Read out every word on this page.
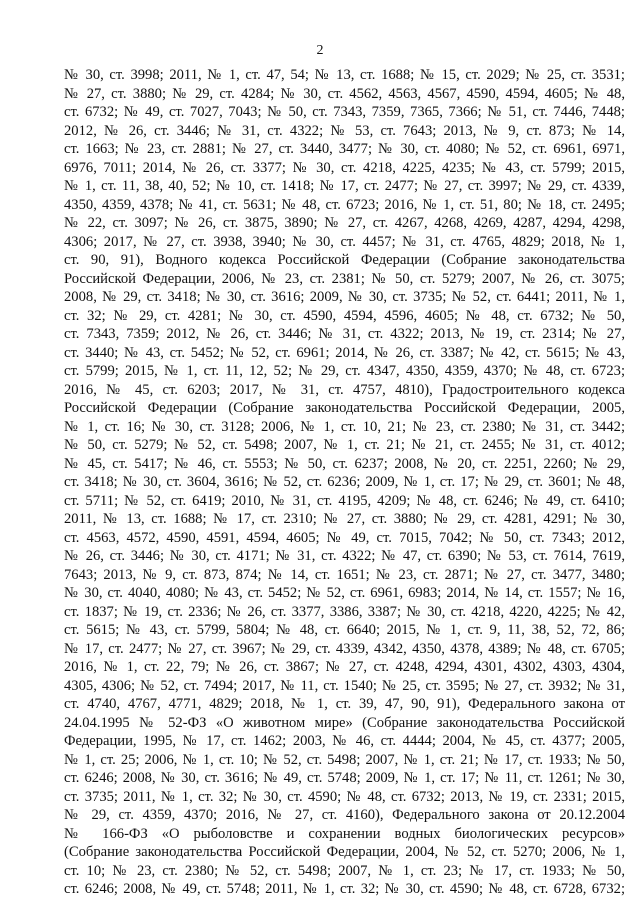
2
№ 30, ст. 3998; 2011, № 1, ст. 47, 54; № 13, ст. 1688; № 15, ст. 2029; № 25, ст. 3531;
№ 27, ст. 3880; № 29, ст. 4284; № 30, ст. 4562, 4563, 4567, 4590, 4594, 4605; № 48,
ст. 6732; № 49, ст. 7027, 7043; № 50, ст. 7343, 7359, 7365, 7366; № 51, ст. 7446, 7448;
2012, № 26, ст. 3446; № 31, ст. 4322; № 53, ст. 7643; 2013, № 9, ст. 873; № 14,
ст. 1663; № 23, ст. 2881; № 27, ст. 3440, 3477; № 30, ст. 4080; № 52, ст. 6961, 6971,
6976, 7011; 2014, № 26, ст. 3377; № 30, ст. 4218, 4225, 4235; № 43, ст. 5799; 2015,
№ 1, ст. 11, 38, 40, 52; № 10, ст. 1418; № 17, ст. 2477; № 27, ст. 3997; № 29, ст. 4339,
4350, 4359, 4378; № 41, ст. 5631; № 48, ст. 6723; 2016, № 1, ст. 51, 80; № 18, ст. 2495;
№ 22, ст. 3097; № 26, ст. 3875, 3890; № 27, ст. 4267, 4268, 4269, 4287, 4294, 4298,
4306; 2017, № 27, ст. 3938, 3940; № 30, ст. 4457; № 31, ст. 4765, 4829; 2018, № 1,
ст. 90, 91), Водного кодекса Российской Федерации (Собрание законодательства
Российской Федерации, 2006, № 23, ст. 2381; № 50, ст. 5279; 2007, № 26, ст. 3075;
2008, № 29, ст. 3418; № 30, ст. 3616; 2009, № 30, ст. 3735; № 52, ст. 6441; 2011, № 1,
ст. 32; № 29, ст. 4281; № 30, ст. 4590, 4594, 4596, 4605; № 48, ст. 6732; № 50,
ст. 7343, 7359; 2012, № 26, ст. 3446; № 31, ст. 4322; 2013, № 19, ст. 2314; № 27,
ст. 3440; № 43, ст. 5452; № 52, ст. 6961; 2014, № 26, ст. 3387; № 42, ст. 5615; № 43,
ст. 5799; 2015, № 1, ст. 11, 12, 52; № 29, ст. 4347, 4350, 4359, 4370; № 48, ст. 6723;
2016, № 45, ст. 6203; 2017, № 31, ст. 4757, 4810), Градостроительного кодекса
Российской Федерации (Собрание законодательства Российской Федерации, 2005,
№ 1, ст. 16; № 30, ст. 3128; 2006, № 1, ст. 10, 21; № 23, ст. 2380; № 31, ст. 3442;
№ 50, ст. 5279; № 52, ст. 5498; 2007, № 1, ст. 21; № 21, ст. 2455; № 31, ст. 4012;
№ 45, ст. 5417; № 46, ст. 5553; № 50, ст. 6237; 2008, № 20, ст. 2251, 2260; № 29,
ст. 3418; № 30, ст. 3604, 3616; № 52, ст. 6236; 2009, № 1, ст. 17; № 29, ст. 3601; № 48,
ст. 5711; № 52, ст. 6419; 2010, № 31, ст. 4195, 4209; № 48, ст. 6246; № 49, ст. 6410;
2011, № 13, ст. 1688; № 17, ст. 2310; № 27, ст. 3880; № 29, ст. 4281, 4291; № 30,
ст. 4563, 4572, 4590, 4591, 4594, 4605; № 49, ст. 7015, 7042; № 50, ст. 7343; 2012,
№ 26, ст. 3446; № 30, ст. 4171; № 31, ст. 4322; № 47, ст. 6390; № 53, ст. 7614, 7619,
7643; 2013, № 9, ст. 873, 874; № 14, ст. 1651; № 23, ст. 2871; № 27, ст. 3477, 3480;
№ 30, ст. 4040, 4080; № 43, ст. 5452; № 52, ст. 6961, 6983; 2014, № 14, ст. 1557; № 16,
ст. 1837; № 19, ст. 2336; № 26, ст. 3377, 3386, 3387; № 30, ст. 4218, 4220, 4225; № 42,
ст. 5615; № 43, ст. 5799, 5804; № 48, ст. 6640; 2015, № 1, ст. 9, 11, 38, 52, 72, 86;
№ 17, ст. 2477; № 27, ст. 3967; № 29, ст. 4339, 4342, 4350, 4378, 4389; № 48, ст. 6705;
2016, № 1, ст. 22, 79; № 26, ст. 3867; № 27, ст. 4248, 4294, 4301, 4302, 4303, 4304,
4305, 4306; № 52, ст. 7494; 2017, № 11, ст. 1540; № 25, ст. 3595; № 27, ст. 3932; № 31,
ст. 4740, 4767, 4771, 4829; 2018, № 1, ст. 39, 47, 90, 91), Федерального закона от
24.04.1995 № 52-ФЗ «О животном мире» (Собрание законодательства Российской
Федерации, 1995, № 17, ст. 1462; 2003, № 46, ст. 4444; 2004, № 45, ст. 4377; 2005,
№ 1, ст. 25; 2006, № 1, ст. 10; № 52, ст. 5498; 2007, № 1, ст. 21; № 17, ст. 1933; № 50,
ст. 6246; 2008, № 30, ст. 3616; № 49, ст. 5748; 2009, № 1, ст. 17; № 11, ст. 1261; № 30,
ст. 3735; 2011, № 1, ст. 32; № 30, ст. 4590; № 48, ст. 6732; 2013, № 19, ст. 2331; 2015,
№ 29, ст. 4359, 4370; 2016, № 27, ст. 4160), Федерального закона от 20.12.2004
№ 166-ФЗ «О рыболовстве и сохранении водных биологических ресурсов»
(Собрание законодательства Российской Федерации, 2004, № 52, ст. 5270; 2006, № 1,
ст. 10; № 23, ст. 2380; № 52, ст. 5498; 2007, № 1, ст. 23; № 17, ст. 1933; № 50,
ст. 6246; 2008, № 49, ст. 5748; 2011, № 1, ст. 32; № 30, ст. 4590; № 48, ст. 6728, 6732;
